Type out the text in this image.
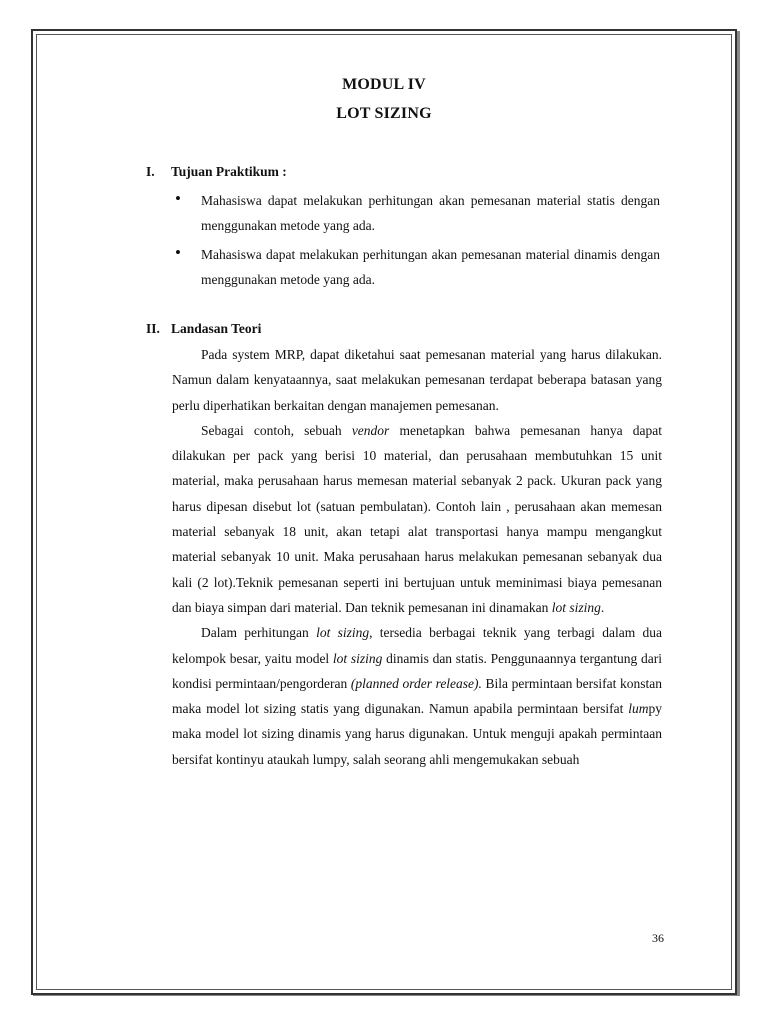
MODUL IV
LOT SIZING
I. Tujuan Praktikum :
• Mahasiswa dapat melakukan perhitungan akan pemesanan material statis dengan menggunakan metode yang ada.
• Mahasiswa dapat melakukan perhitungan akan pemesanan material dinamis dengan menggunakan metode yang ada.
II. Landasan Teori

Pada system MRP, dapat diketahui saat pemesanan material yang harus dilakukan. Namun dalam kenyataannya, saat melakukan pemesanan terdapat beberapa batasan yang perlu diperhatikan berkaitan dengan manajemen pemesanan.

Sebagai contoh, sebuah vendor menetapkan bahwa pemesanan hanya dapat dilakukan per pack yang berisi 10 material, dan perusahaan membutuhkan 15 unit material, maka perusahaan harus memesan material sebanyak 2 pack. Ukuran pack yang harus dipesan disebut lot (satuan pembulatan). Contoh lain , perusahaan akan memesan material sebanyak 18 unit, akan tetapi alat transportasi hanya mampu mengangkut material sebanyak 10 unit. Maka perusahaan harus melakukan pemesanan sebanyak dua kali (2 lot).Teknik pemesanan seperti ini bertujuan untuk meminimasi biaya pemesanan dan biaya simpan dari material. Dan teknik pemesanan ini dinamakan lot sizing.

Dalam perhitungan lot sizing, tersedia berbagai teknik yang terbagi dalam dua kelompok besar, yaitu model lot sizing dinamis dan statis. Penggunaannya tergantung dari kondisi permintaan/pengorderan (planned order release). Bila permintaan bersifat konstan maka model lot sizing statis yang digunakan. Namun apabila permintaan bersifat lumpy maka model lot sizing dinamis yang harus digunakan. Untuk menguji apakah permintaan bersifat kontinyu ataukah lumpy, salah seorang ahli mengemukakan sebuah

36
